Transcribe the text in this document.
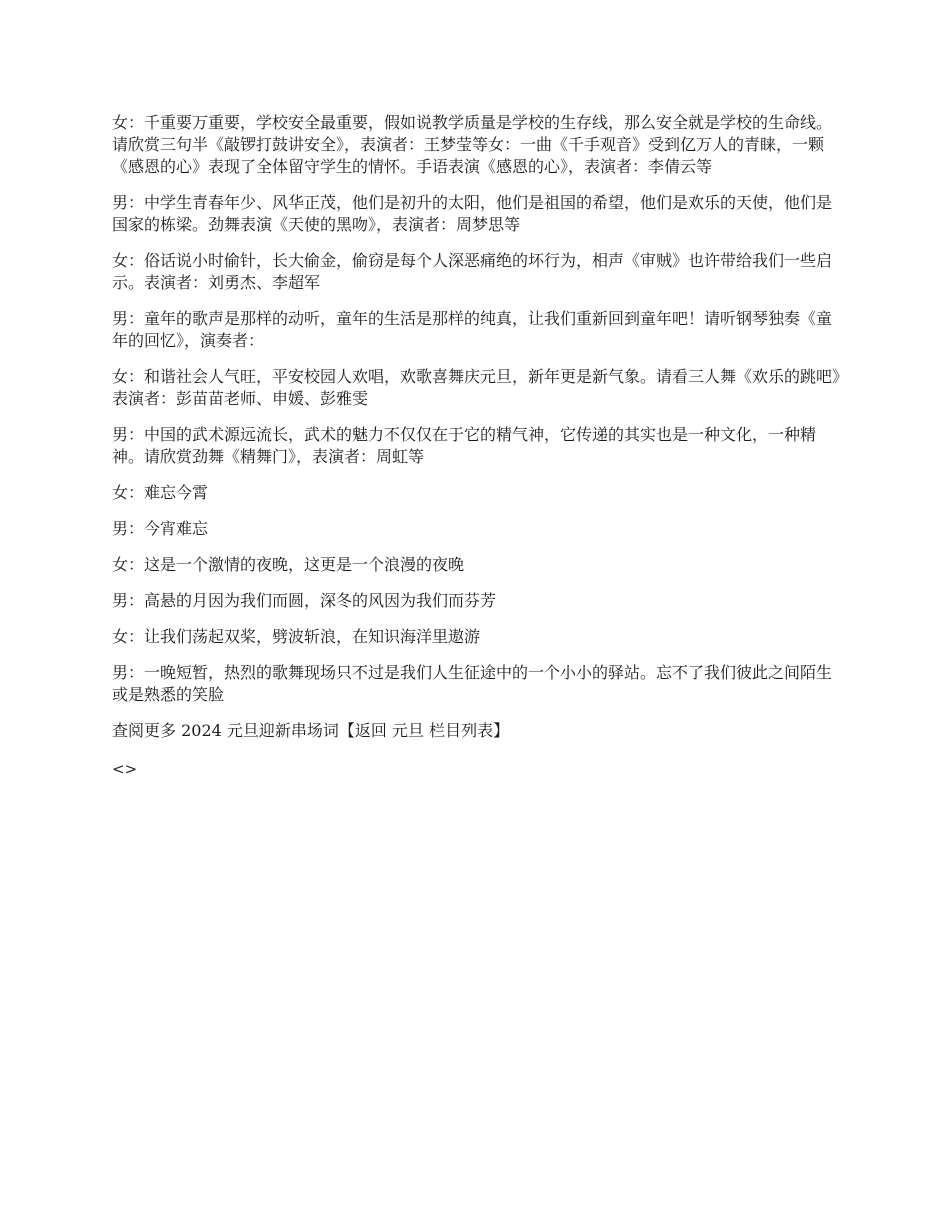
女：千重要万重要，学校安全最重要，假如说教学质量是学校的生存线，那么安全就是学校的生命线。请欣赏三句半《敲锣打鼓讲安全》，表演者：王梦莹等女：一曲《千手观音》受到亿万人的青睐，一颗《感恩的心》表现了全体留守学生的情怀。手语表演《感恩的心》，表演者：李倩云等

男：中学生青春年少、风华正茂，他们是初升的太阳，他们是祖国的希望，他们是欢乐的天使，他们是国家的栋梁。劲舞表演《天使的黑吻》，表演者：周梦思等

女：俗话说小时偷针，长大偷金，偷窃是每个人深恶痛绝的坏行为，相声《审贼》也许带给我们一些启示。表演者：刘勇杰、李超军

男：童年的歌声是那样的动听，童年的生活是那样的纯真，让我们重新回到童年吧！请听钢琴独奏《童年的回忆》，演奏者：

女：和谐社会人气旺，平安校园人欢唱，欢歌喜舞庆元旦，新年更是新气象。请看三人舞《欢乐的跳吧》表演者：彭苗苗老师、申媛、彭雅雯

男：中国的武术源远流长，武术的魅力不仅仅在于它的精气神，它传递的其实也是一种文化，一种精神。请欣赏劲舞《精舞门》，表演者：周虹等

女：难忘今霄

男：今宵难忘

女：这是一个激情的夜晚，这更是一个浪漫的夜晚

男：高悬的月因为我们而圆，深冬的风因为我们而芬芳

女：让我们荡起双桨，劈波斩浪，在知识海洋里遨游

男：一晚短暂，热烈的歌舞现场只不过是我们人生征途中的一个小小的驿站。忘不了我们彼此之间陌生或是熟悉的笑脸

查阅更多 2024 元旦迎新串场词【返回 元旦 栏目列表】

<>
